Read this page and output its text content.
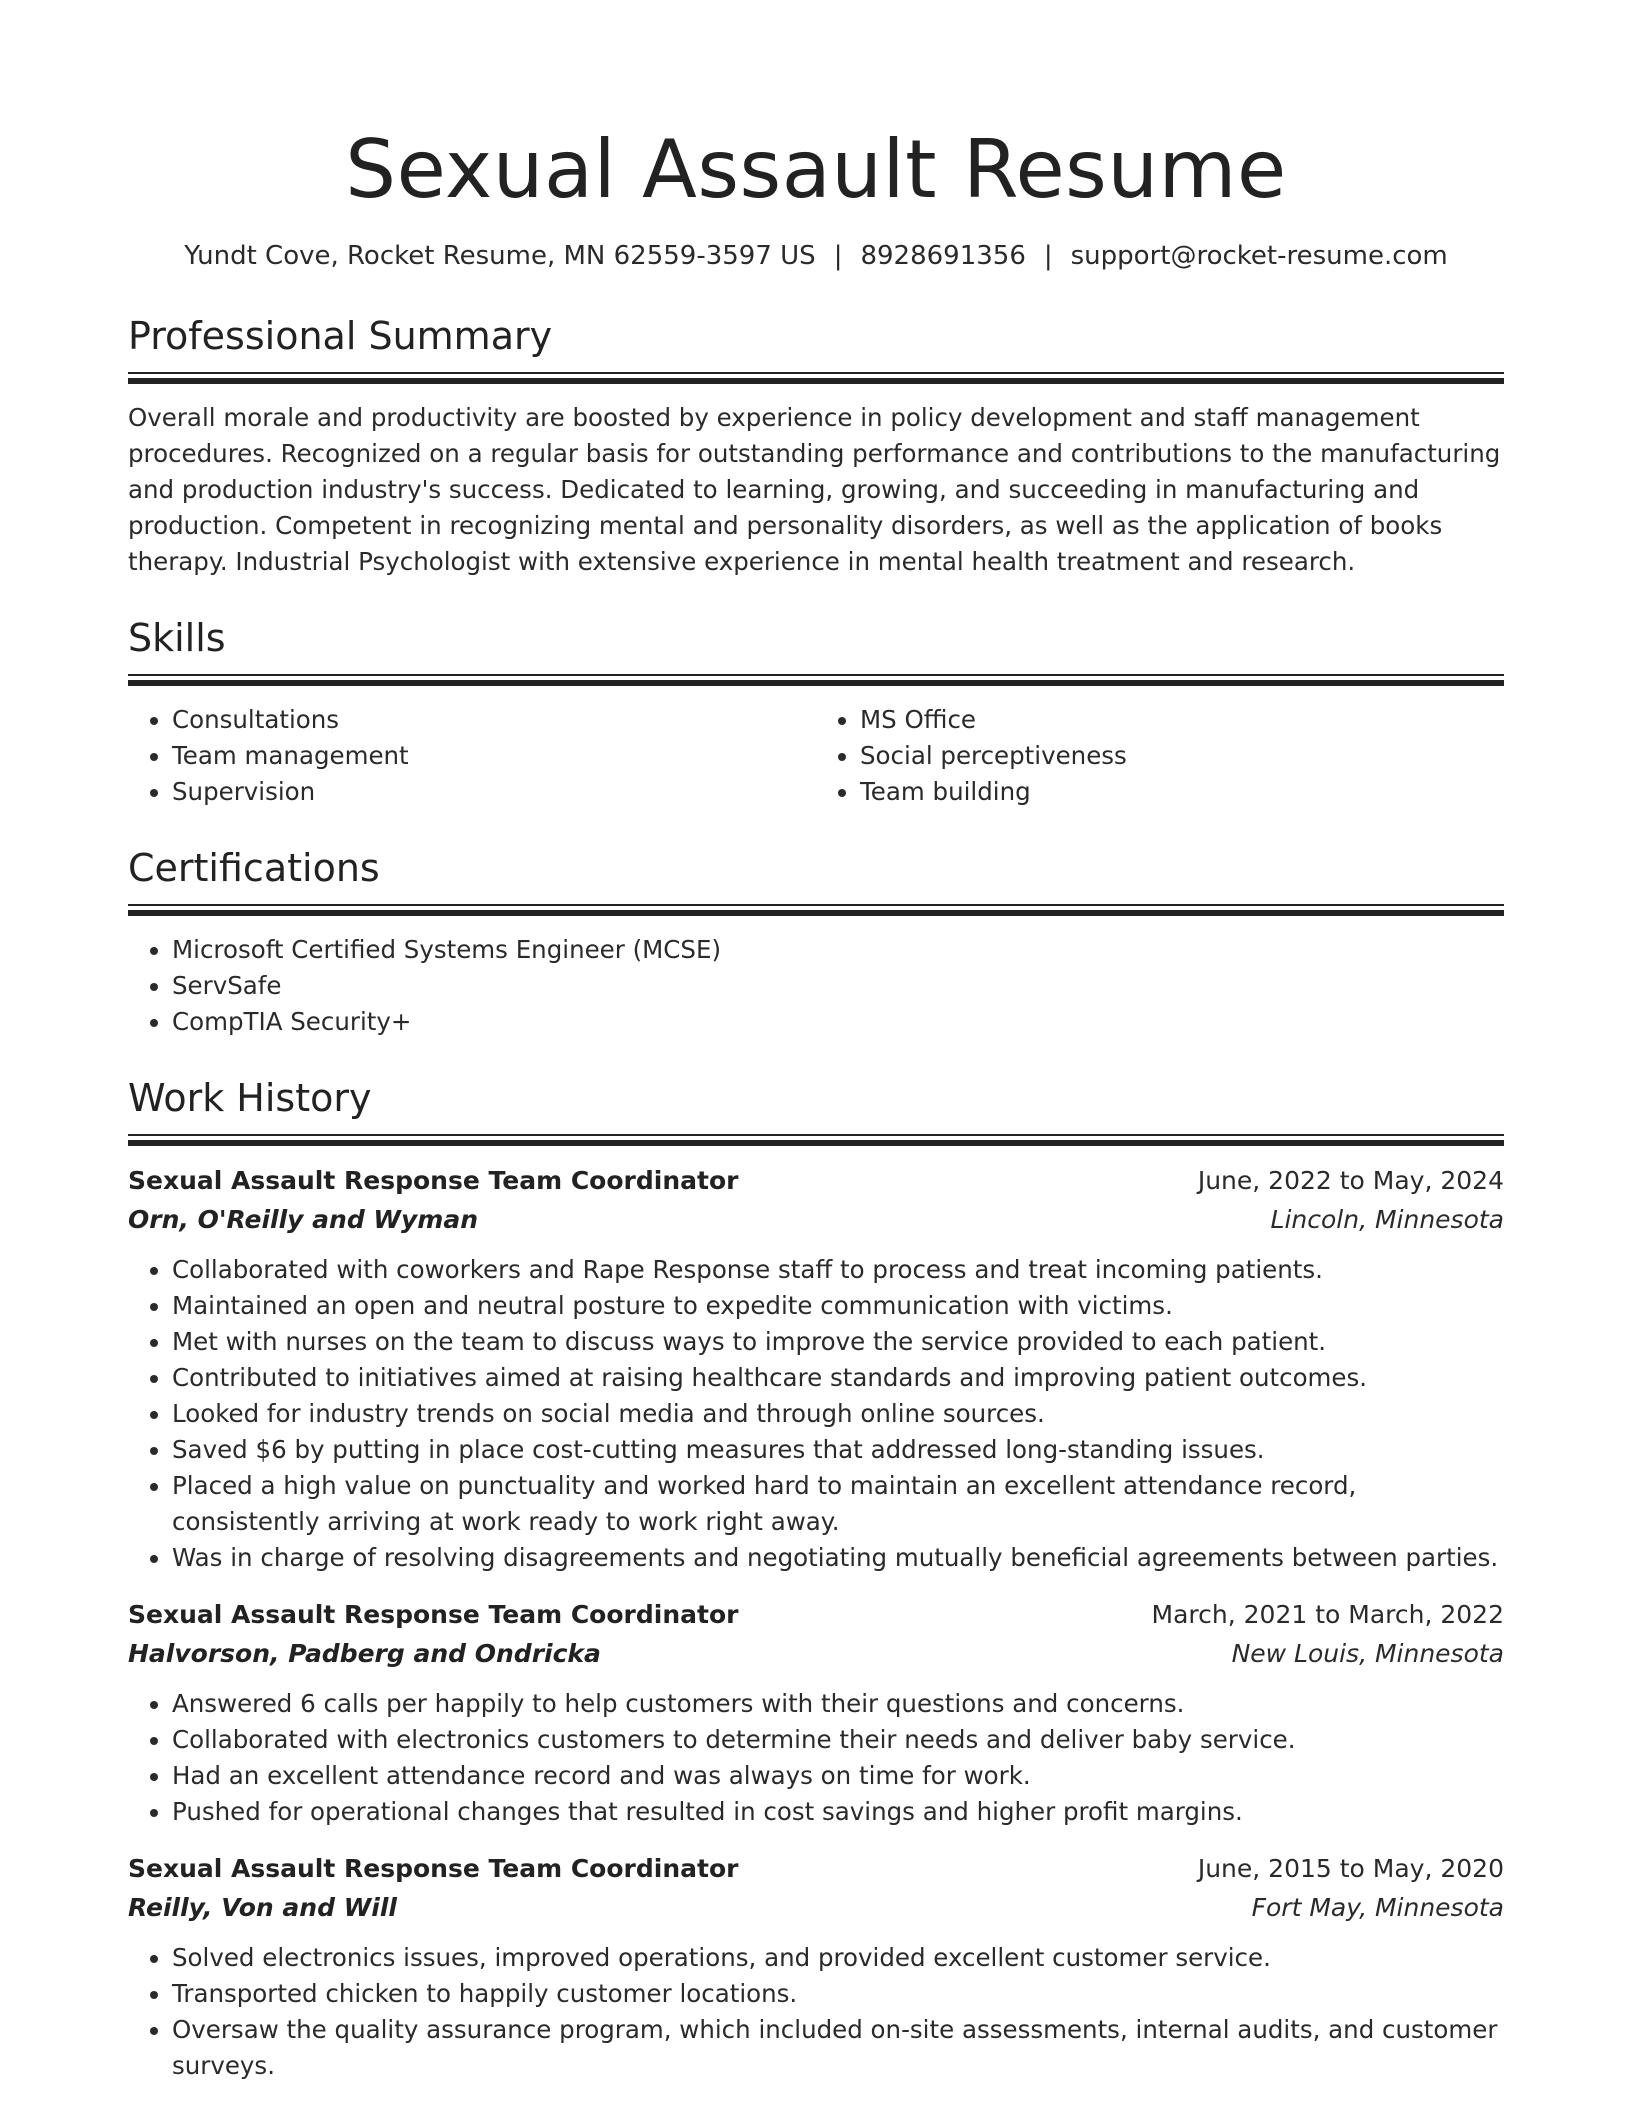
Sexual Assault Resume
Yundt Cove, Rocket Resume, MN 62559-3597 US | 8928691356 | support@rocket-resume.com
Professional Summary
Overall morale and productivity are boosted by experience in policy development and staff management procedures. Recognized on a regular basis for outstanding performance and contributions to the manufacturing and production industry's success. Dedicated to learning, growing, and succeeding in manufacturing and production. Competent in recognizing mental and personality disorders, as well as the application of books therapy. Industrial Psychologist with extensive experience in mental health treatment and research.
Skills
• Consultations
• Team management
• Supervision
• MS Office
• Social perceptiveness
• Team building
Certifications
• Microsoft Certified Systems Engineer (MCSE)
• ServSafe
• CompTIA Security+
Work History
Sexual Assault Response Team Coordinator	June, 2022 to May, 2024
Orn, O'Reilly and Wyman	Lincoln, Minnesota
• Collaborated with coworkers and Rape Response staff to process and treat incoming patients.
• Maintained an open and neutral posture to expedite communication with victims.
• Met with nurses on the team to discuss ways to improve the service provided to each patient.
• Contributed to initiatives aimed at raising healthcare standards and improving patient outcomes.
• Looked for industry trends on social media and through online sources.
• Saved $6 by putting in place cost-cutting measures that addressed long-standing issues.
• Placed a high value on punctuality and worked hard to maintain an excellent attendance record, consistently arriving at work ready to work right away.
• Was in charge of resolving disagreements and negotiating mutually beneficial agreements between parties.
Sexual Assault Response Team Coordinator	March, 2021 to March, 2022
Halvorson, Padberg and Ondricka	New Louis, Minnesota
• Answered 6 calls per happily to help customers with their questions and concerns.
• Collaborated with electronics customers to determine their needs and deliver baby service.
• Had an excellent attendance record and was always on time for work.
• Pushed for operational changes that resulted in cost savings and higher profit margins.
Sexual Assault Response Team Coordinator	June, 2015 to May, 2020
Reilly, Von and Will	Fort May, Minnesota
• Solved electronics issues, improved operations, and provided excellent customer service.
• Transported chicken to happily customer locations.
• Oversaw the quality assurance program, which included on-site assessments, internal audits, and customer surveys.
